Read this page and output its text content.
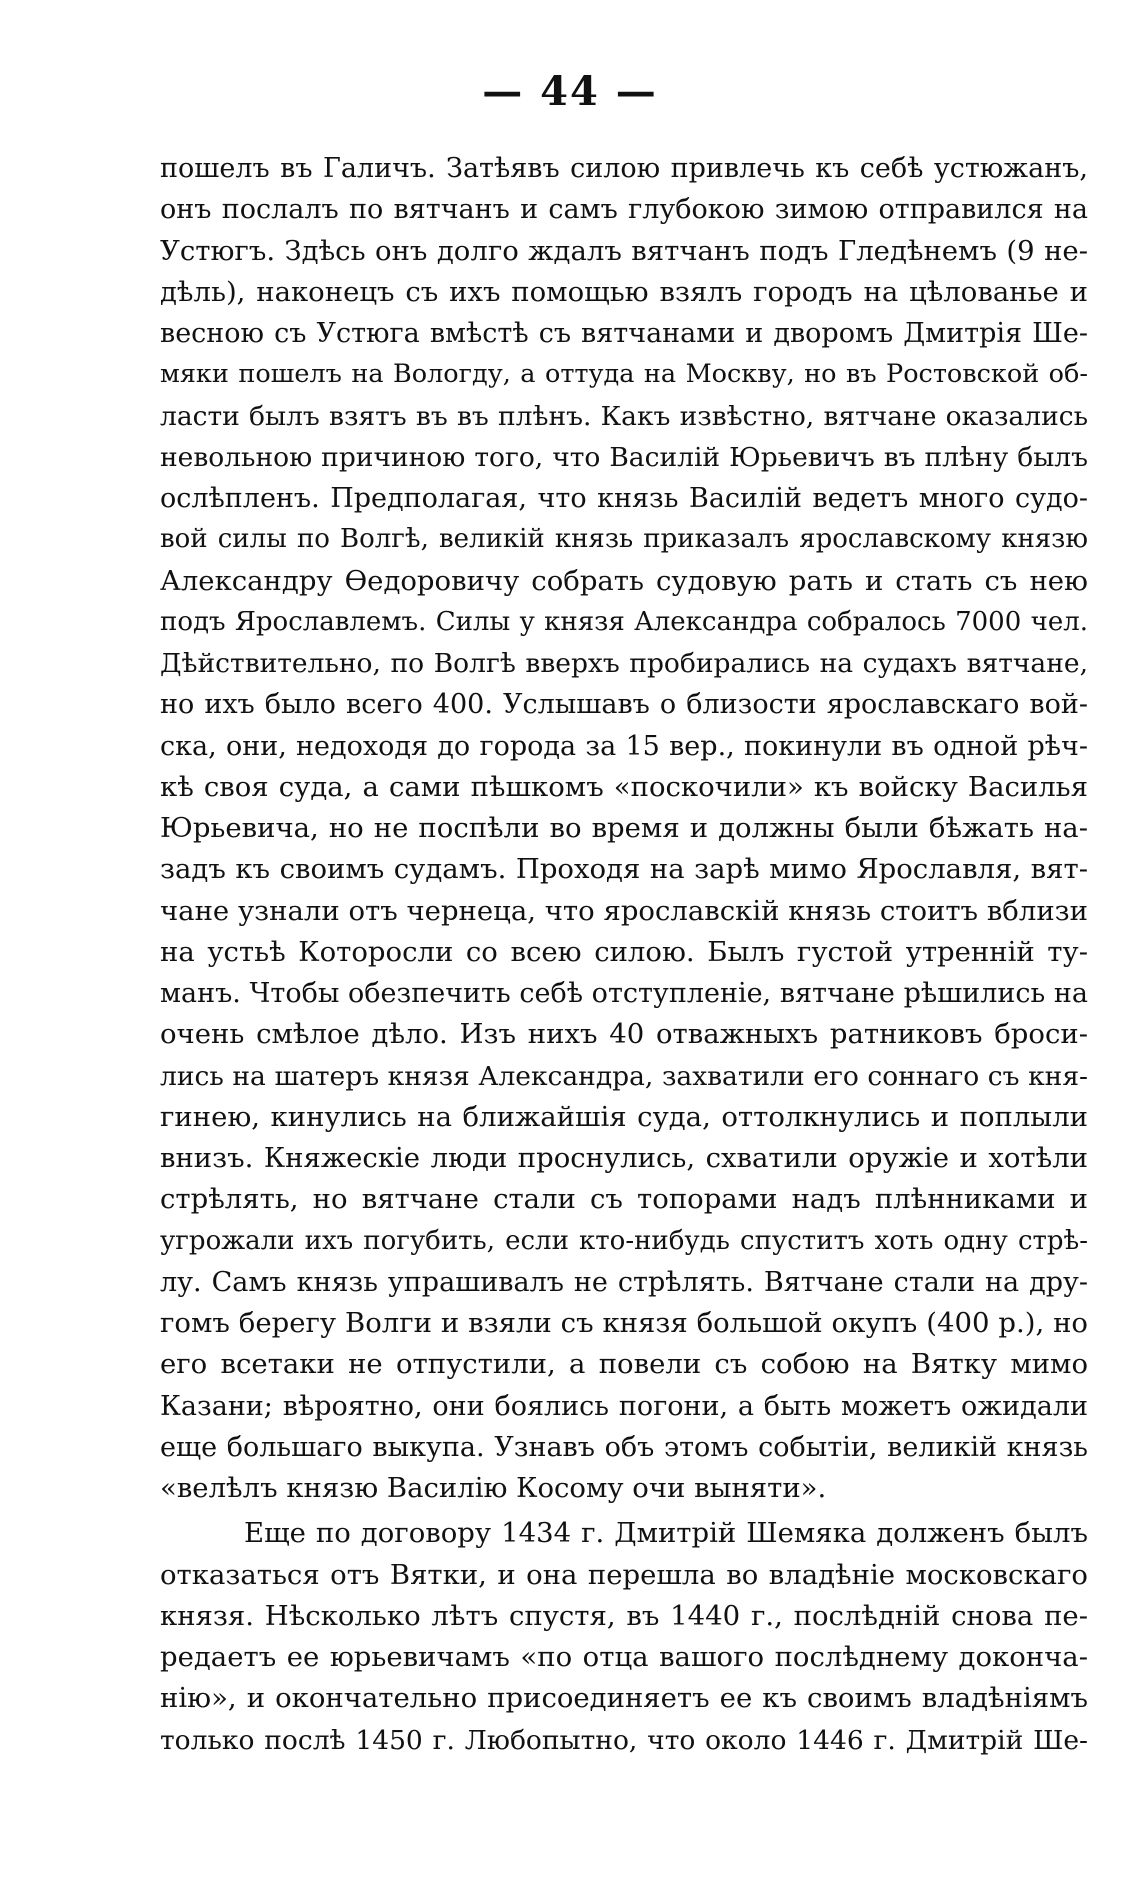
— 44 —
пошелъ въ Галичъ. Затѣявъ силою привлечь къ себѣ устюжанъ,
онъ послалъ по вятчанъ и самъ глубокою зимою отправился на
Устюгъ. Здѣсь онъ долго ждалъ вятчанъ подъ Гледѣнемъ (9 не-
дѣль), наконецъ съ ихъ помощью взялъ городъ на цѣлованье и
весною съ Устюга вмѣстѣ съ вятчанами и дворомъ Дмитрія Ше-
мяки пошелъ на Вологду, а оттуда на Москву, но въ Ростовской об-
ласти былъ взятъ въ въ плѣнъ. Какъ извѣстно, вятчане оказались
невольною причиною того, что Василій Юрьевичъ въ плѣну былъ
ослѣпленъ. Предполагая, что князь Василій ведетъ много судо-
вой силы по Волгѣ, великій князь приказалъ ярославскому князю
Александру Өедоровичу собрать судовую рать и стать съ нею
подъ Ярославлемъ. Силы у князя Александра собралось 7000 чел.
Дѣйствительно, по Волгѣ вверхъ пробирались на судахъ вятчане,
но ихъ было всего 400. Услышавъ о близости ярославскаго вой-
ска, они, недоходя до города за 15 вер., покинули въ одной рѣч-
кѣ своя суда, а сами пѣшкомъ «поскочили» къ войску Василья
Юрьевича, но не поспѣли во время и должны были бѣжать на-
задъ къ своимъ судамъ. Проходя на зарѣ мимо Ярославля, вят-
чане узнали отъ чернеца, что ярославскій князь стоитъ вблизи
на устьѣ Которосли со всею силою. Былъ густой утренній ту-
манъ. Чтобы обезпечить себѣ отступленіе, вятчане рѣшились на
очень смѣлое дѣло. Изъ нихъ 40 отважныхъ ратниковъ броси-
лись на шатеръ князя Александра, захватили его соннаго съ кня-
гинею, кинулись на ближайшія суда, оттолкнулись и поплыли
внизъ. Княжескіе люди проснулись, схватили оружіе и хотѣли
стрѣлять, но вятчане стали съ топорами надъ плѣнниками и
угрожали ихъ погубить, если кто-нибудь спуститъ хоть одну стрѣ-
лу. Самъ князь упрашивалъ не стрѣлять. Вятчане стали на дру-
гомъ берегу Волги и взяли съ князя большой окупъ (400 р.), но
его всетаки не отпустили, а повели съ собою на Вятку мимо
Казани; вѣроятно, они боялись погони, а быть можетъ ожидали
еще большаго выкупа. Узнавъ объ этомъ событіи, великій князь
«велѣлъ князю Василію Косому очи выняти».
Еще по договору 1434 г. Дмитрій Шемяка долженъ былъ
отказаться отъ Вятки, и она перешла во владѣніе московскаго
князя. Нѣсколько лѣтъ спустя, въ 1440 г., послѣдній снова пе-
редаетъ ее юрьевичамъ «по отца вашого послѣднему докончa-
нію», и окончательно присоединяетъ ее къ своимъ владѣніямъ
только послѣ 1450 г. Любопытно, что около 1446 г. Дмитрій Ше-
